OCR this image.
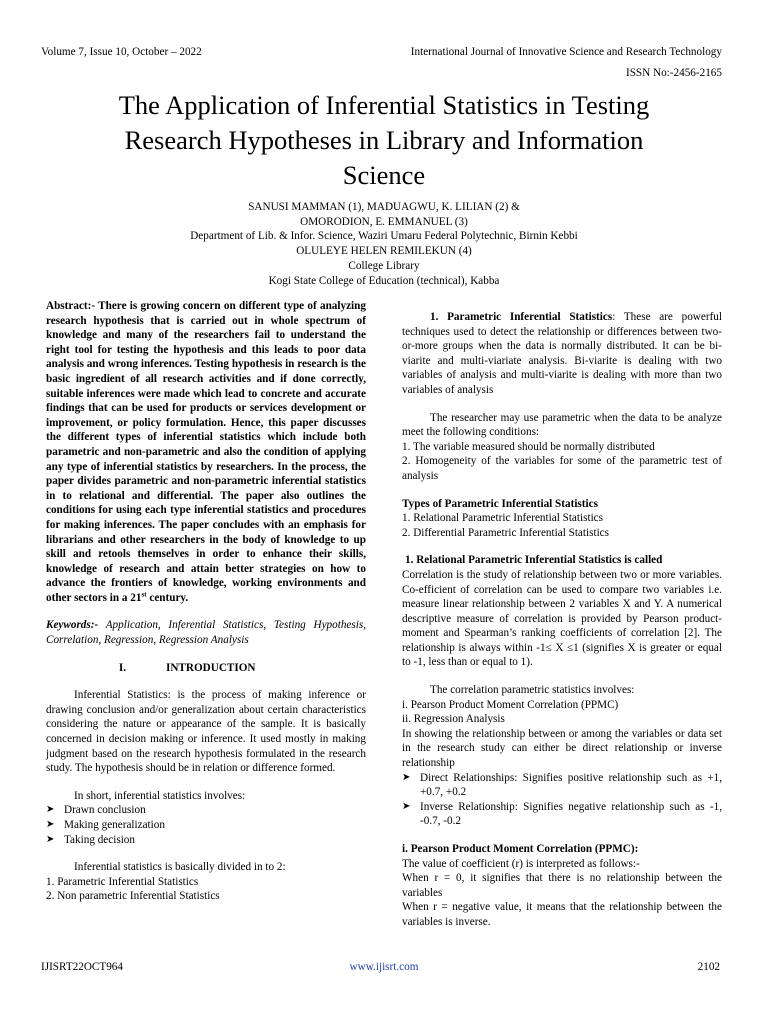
Volume 7, Issue 10, October – 2022	International Journal of Innovative Science and Research Technology
ISSN No:-2456-2165
The Application of Inferential Statistics in Testing
Research Hypotheses in Library and Information
Science
SANUSI MAMMAN (1), MADUAGWU, K. LILIAN (2) &
OMORODION, E. EMMANUEL (3)
Department of Lib. & Infor. Science, Waziri Umaru Federal Polytechnic, Birnin Kebbi
OLULEYE HELEN REMILEKUN (4)
College Library
Kogi State College of Education (technical), Kabba

Abstract:- There is growing concern on different type of analyzing research hypothesis that is carried out in whole spectrum of knowledge and many of the researchers fail to understand the right tool for testing the hypothesis and this leads to poor data analysis and wrong inferences. Testing hypothesis in research is the basic ingredient of all research activities and if done correctly, suitable inferences were made which lead to concrete and accurate findings that can be used for products or services development or improvement, or policy formulation. Hence, this paper discusses the different types of inferential statistics which include both parametric and non-parametric and also the condition of applying any type of inferential statistics by researchers. In the process, the paper divides parametric and non-parametric inferential statistics in to relational and differential. The paper also outlines the conditions for using each type inferential statistics and procedures for making inferences. The paper concludes with an emphasis for librarians and other researchers in the body of knowledge to up skill and retools themselves in order to enhance their skills, knowledge of research and attain better strategies on how to advance the frontiers of knowledge, working environments and other sectors in a 21st century.

Keywords:- Application, Inferential Statistics, Testing Hypothesis, Correlation, Regression, Regression Analysis

I.	INTRODUCTION

Inferential Statistics: is the process of making inference or drawing conclusion and/or generalization about certain characteristics considering the nature or appearance of the sample. It is basically concerned in decision making or inference. It used mostly in making judgment based on the research hypothesis formulated in the research study. The hypothesis should be in relation or difference formed.

In short, inferential statistics involves:

➤ Drawn conclusion
➤ Making generalization
➤ Taking decision

Inferential statistics is basically divided in to 2:

1. Parametric Inferential Statistics

2. Non parametric Inferential Statistics

1. Parametric Inferential Statistics: These are powerful techniques used to detect the relationship or differences between two-or-more groups when the data is normally distributed. It can be bi-viarite and multi-viariate analysis. Bi-viarite is dealing with two variables of analysis and multi-viarite is dealing with more than two variables of analysis

The researcher may use parametric when the data to be analyze meet the following conditions:

1. The variable measured should be normally distributed

2. Homogeneity of the variables for some of the parametric test of analysis

Types of Parametric Inferential Statistics

1. Relational Parametric Inferential Statistics

2. Differential Parametric Inferential Statistics

1. Relational Parametric Inferential Statistics is called

Correlation is the study of relationship between two or more variables. Co-efficient of correlation can be used to compare two variables i.e. measure linear relationship between 2 variables X and Y. A numerical descriptive measure of correlation is provided by Pearson product-moment and Spearman’s ranking coefficients of correlation [2]. The relationship is always within -1≤ X ≤1 (signifies X is greater or equal to -1, less than or equal to 1).

The correlation parametric statistics involves:

i. Pearson Product Moment Correlation (PPMC)

ii. Regression Analysis

In showing the relationship between or among the variables or data set in the research study can either be direct relationship or inverse relationship

➤ Direct Relationships: Signifies positive relationship such as +1, +0.7, +0.2
➤ Inverse Relationship: Signifies negative relationship such as -1, -0.7, -0.2

i. Pearson Product Moment Correlation (PPMC):

The value of coefficient (r) is interpreted as follows:-

When r = 0, it signifies that there is no relationship between the variables

When r = negative value, it means that the relationship between the variables is inverse.

IJISRT22OCT964	www.ijisrt.com	2102
